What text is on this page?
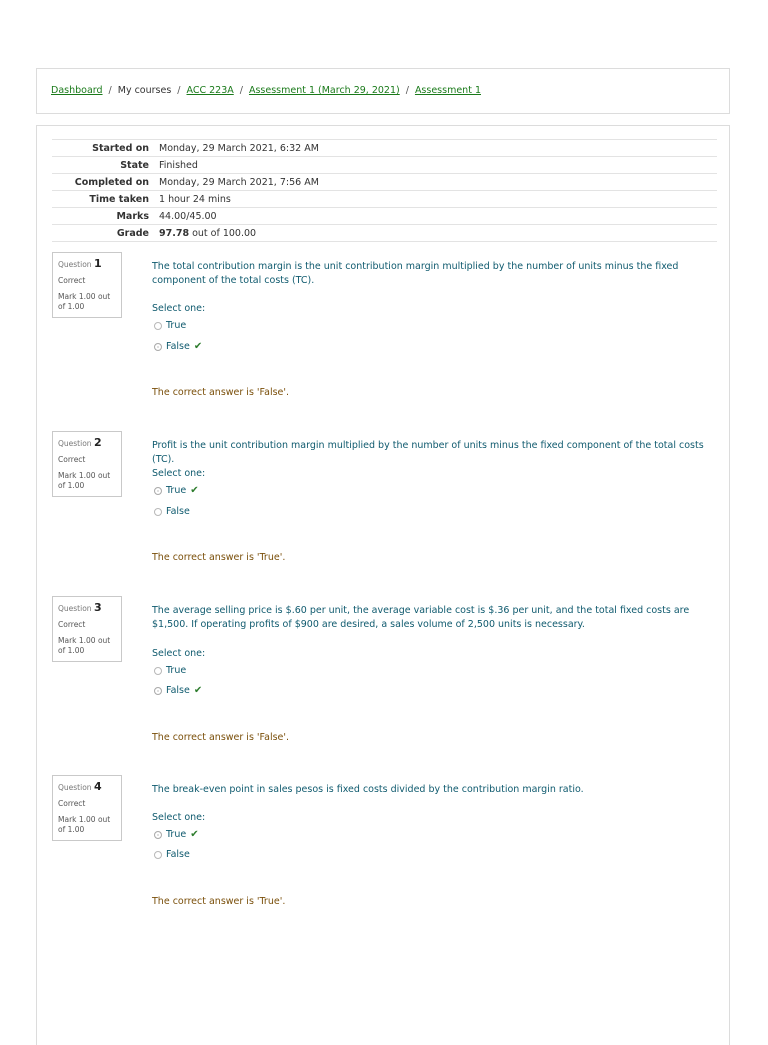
Dashboard / My courses / ACC 223A / Assessment 1 (March 29, 2021) / Assessment 1
Started on	Monday, 29 March 2021, 6:32 AM
State	Finished
Completed on	Monday, 29 March 2021, 7:56 AM
Time taken	1 hour 24 mins
Marks	44.00/45.00
Grade	97.78 out of 100.00
Question 1
Correct
Mark 1.00 out of 1.00
The total contribution margin is the unit contribution margin multiplied by the number of units minus the fixed component of the total costs (TC).
Select one:
True
False ✔
The correct answer is 'False'.
Question 2
Correct
Mark 1.00 out of 1.00
Profit is the unit contribution margin multiplied by the number of units minus the fixed component of the total costs (TC).
Select one:
True ✔
False
The correct answer is 'True'.
Question 3
Correct
Mark 1.00 out of 1.00
The average selling price is $.60 per unit, the average variable cost is $.36 per unit, and the total fixed costs are $1,500. If operating profits of $900 are desired, a sales volume of 2,500 units is necessary.
Select one:
True
False ✔
The correct answer is 'False'.
Question 4
Correct
Mark 1.00 out of 1.00
The break-even point in sales pesos is fixed costs divided by the contribution margin ratio.
Select one:
True ✔
False
The correct answer is 'True'.
